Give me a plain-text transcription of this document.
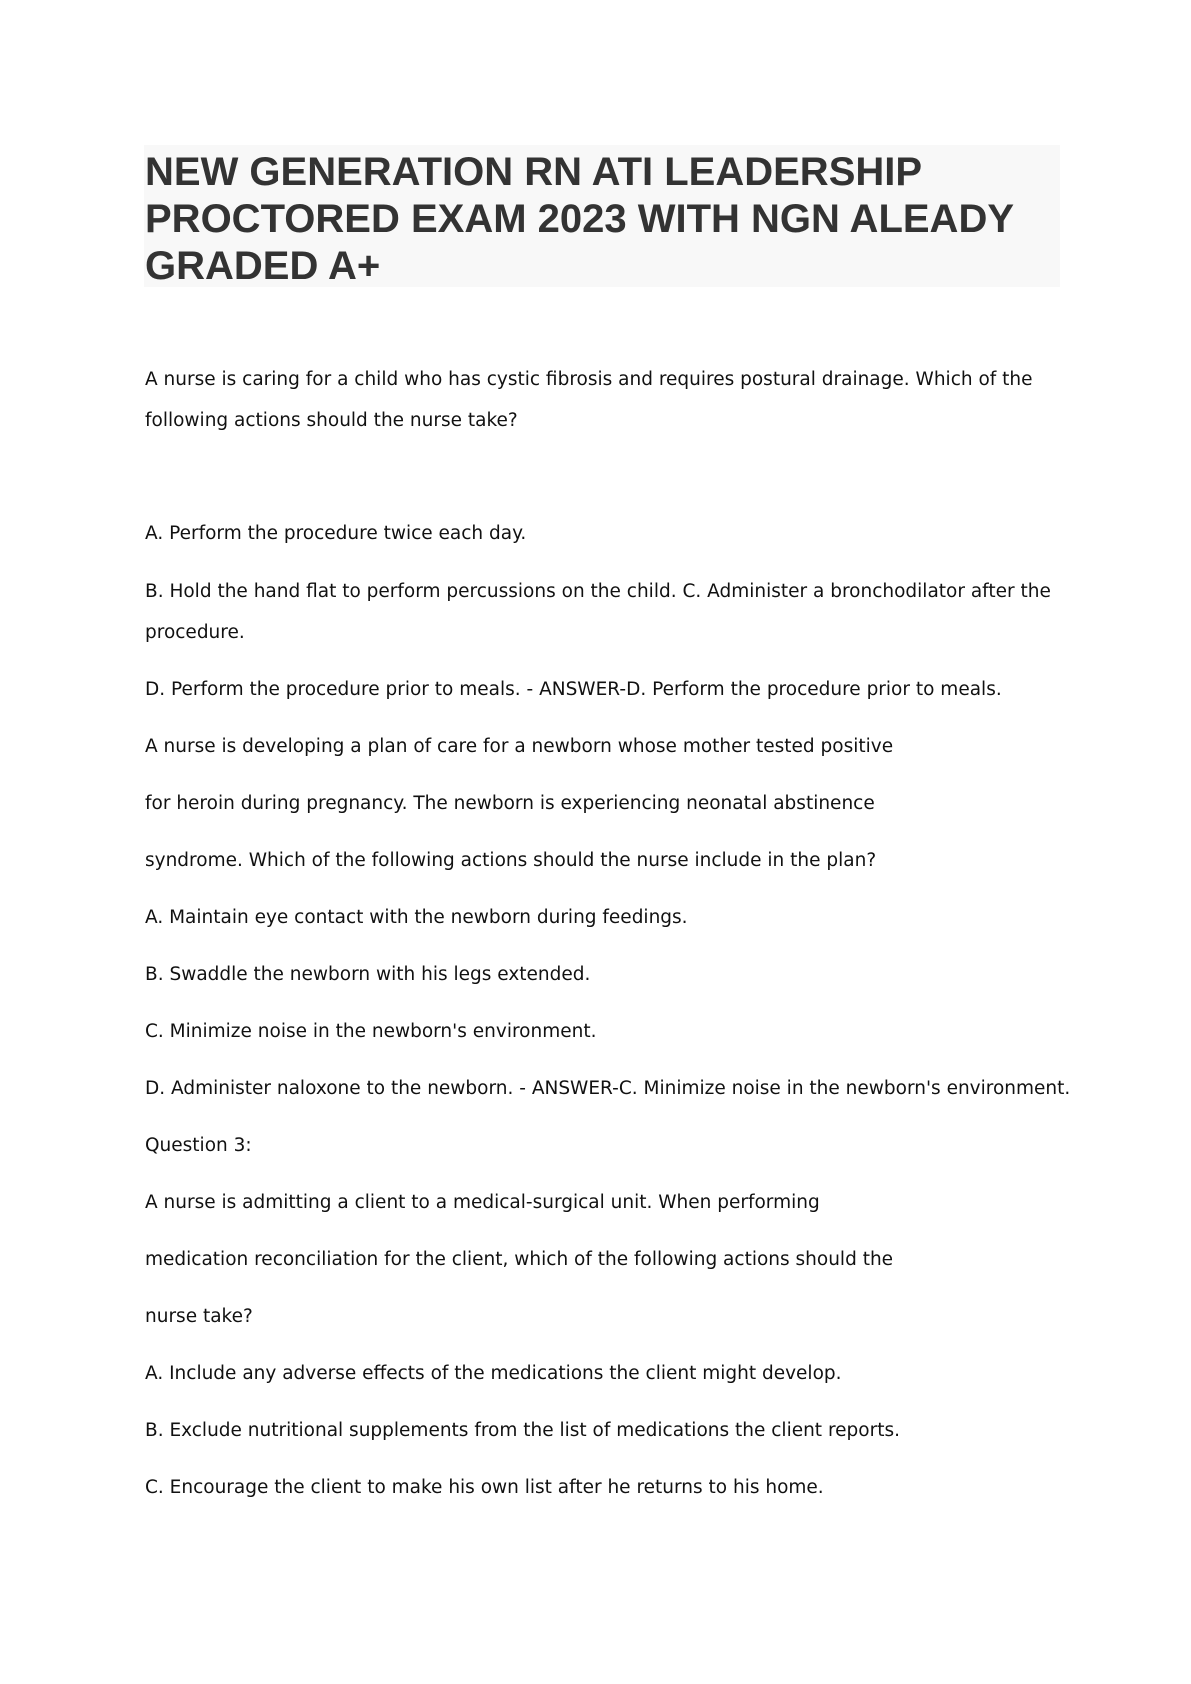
NEW GENERATION RN ATI LEADERSHIP
PROCTORED EXAM 2023 WITH NGN ALEADY
GRADED A+
A nurse is caring for a child who has cystic fibrosis and requires postural drainage. Which of the
following actions should the nurse take?
A. Perform the procedure twice each day.
B. Hold the hand flat to perform percussions on the child. C. Administer a bronchodilator after the
procedure.
D. Perform the procedure prior to meals. - ANSWER-D. Perform the procedure prior to meals.
A nurse is developing a plan of care for a newborn whose mother tested positive
for heroin during pregnancy. The newborn is experiencing neonatal abstinence
syndrome. Which of the following actions should the nurse include in the plan?
A. Maintain eye contact with the newborn during feedings.
B. Swaddle the newborn with his legs extended.
C. Minimize noise in the newborn's environment.
D. Administer naloxone to the newborn. - ANSWER-C. Minimize noise in the newborn's environment.
Question 3:
A nurse is admitting a client to a medical-surgical unit. When performing
medication reconciliation for the client, which of the following actions should the
nurse take?
A. Include any adverse effects of the medications the client might develop.
B. Exclude nutritional supplements from the list of medications the client reports.
C. Encourage the client to make his own list after he returns to his home.
